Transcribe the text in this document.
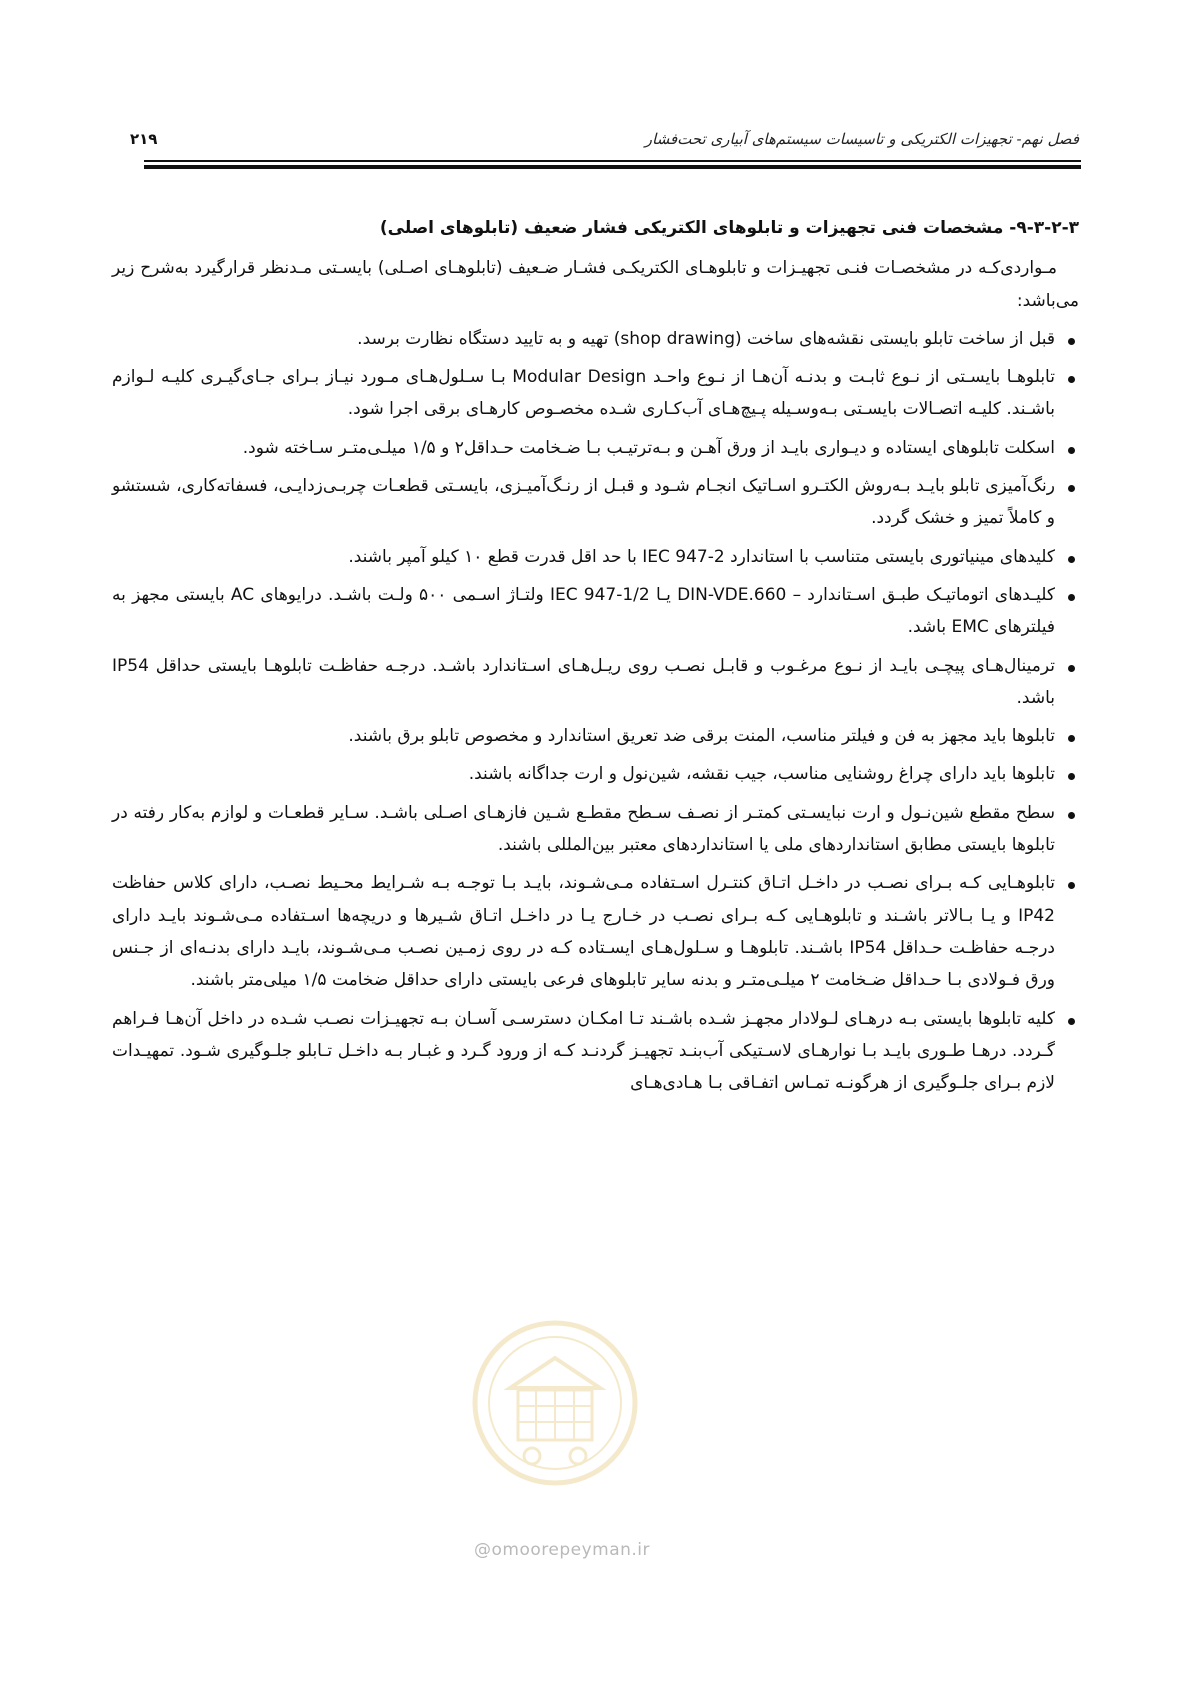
فصل نهم- تجهیزات الکتریکی و تاسیسات سیستم‌های آبیاری تحت‌فشار
۲۱۹
۹-۳-۲-۳- مشخصات فنی تجهیزات و تابلوهای الکتریکی فشار ضعیف (تابلوهای اصلی)

مـواردی‌کـه در مشخصـات فنـی تجهیـزات و تابلوهـای الکتریکـی فشـار ضـعیف (تابلوهـای اصـلی) بایسـتی مـدنظر قرارگیرد به‌شرح زیر می‌باشد:

قبل از ساخت تابلو بایستی نقشه‌های ساخت (shop drawing) تهیه و به تایید دستگاه نظارت برسد.
تابلوهـا بایسـتی از نـوع ثابـت و بدنـه آن‌هـا از نـوع واحـد Modular Design بـا سـلول‌هـای مـورد نیـاز بـرای جـای‌گیـری کلیـه لـوازم باشـند. کلیـه اتصـالات بایسـتی بـه‌وسـیله پـیچ‌هـای آب‌کـاری شـده مخصـوص کارهـای برقی اجرا شود.
اسکلت تابلوهای ایستاده و دیـواری بایـد از ورق آهـن و بـه‌ترتیـب بـا ضـخامت حـداقل۲ و ۱/۵ میلـی‌متـر سـاخته شود.
رنگ‌آمیزی تابلو بایـد بـه‌روش الکتـرو اسـاتیک انجـام شـود و قبـل از رنـگ‌آمیـزی، بایسـتی قطعـات چربـی‌زدایـی، فسفاته‌کاری، شستشو و کاملاً تمیز و خشک گردد.
کلیدهای مینیاتوری بایستی متناسب با استاندارد IEC 947-2 با حد اقل قدرت قطع ۱۰ کیلو آمپر باشند.
کلیـدهای اتوماتیـک طبـق اسـتاندارد – DIN-VDE.660 یـا IEC 947-1/2 ولتـاژ اسـمی ۵۰۰ ولـت باشـد. درایوهای AC بایستی مجهز به فیلترهای EMC باشد.
ترمینال‌هـای پیچـی بایـد از نـوع مرغـوب و قابـل نصـب روی ریـل‌هـای اسـتاندارد باشـد. درجـه حفاظـت تابلوهـا بایستی حداقل IP54 باشد.
تابلوها باید مجهز به فن و فیلتر مناسب، المنت برقی ضد تعریق استاندارد و مخصوص تابلو برق باشند.
تابلوها باید دارای چراغ روشنایی مناسب، جیب نقشه، شین‌نول و ارت جداگانه باشند.
سطح مقطع شین‌نـول و ارت نبایسـتی کمتـر از نصـف سـطح مقطـع شـین فازهـای اصـلی باشـد. سـایر قطعـات و لوازم به‌کار رفته در تابلوها بایستی مطابق استانداردهای ملی یا استانداردهای معتبر بین‌المللی باشند.
تابلوهـایی کـه بـرای نصـب در داخـل اتـاق کنتـرل اسـتفاده مـی‌شـوند، بایـد بـا توجـه بـه شـرایط محـیط نصـب، دارای کلاس حفاظت IP42 و یـا بـالاتر باشـند و تابلوهـایی کـه بـرای نصـب در خـارج یـا در داخـل اتـاق شـیرها و دریچه‌ها اسـتفاده مـی‌شـوند بایـد دارای درجـه حفاظـت حـداقل IP54 باشـند. تابلوهـا و سـلول‌هـای ایسـتاده کـه در روی زمـین نصـب مـی‌شـوند، بایـد دارای بدنـه‌ای از جـنس ورق فـولادی بـا حـداقل ضـخامت ۲ میلـی‌متـر و بدنه سایر تابلوهای فرعی بایستی دارای حداقل ضخامت ۱/۵ میلی‌متر باشند.
کلیه تابلوها بایستی بـه درهـای لـولادار مجهـز شـده باشـند تـا امکـان دسترسـی آسـان بـه تجهیـزات نصـب شـده در داخل آن‌هـا فـراهم گـردد. درهـا طـوری بایـد بـا نوارهـای لاسـتیکی آب‌بنـد تجهیـز گردنـد کـه از ورود گـرد و غبـار بـه داخـل تـابلو جلـوگیری شـود. تمهیـدات لازم بـرای جلـوگیری از هرگونـه تمـاس اتفـاقی بـا هـادی‌هـای
@omoorepeyman.ir
